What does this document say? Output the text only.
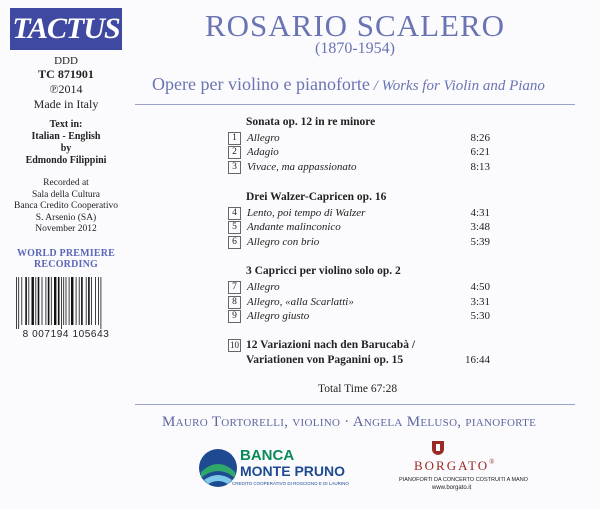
TACTUS
DDD
TC 871901
℗2014
Made in Italy
Text in:
Italian - English
by
Edmondo Filippini
Recorded at
Sala della Cultura
Banca Credito Cooperativo
S. Arsenio (SA)
November 2012
WORLD PREMIERE
RECORDING
8 007194 105643
ROSARIO SCALERO
(1870-1954)
Opere per violino e pianoforte / Works for Violin and Piano
Sonata op. 12 in re minore
1 Allegro	8:26
2 Adagio	6:21
3 Vivace, ma appassionato	8:13
Drei Walzer-Capricen op. 16
4 Lento, poi tempo di Walzer	4:31
5 Andante malinconico	3:48
6 Allegro con brio	5:39
3 Capricci per violino solo op. 2
7 Allegro	4:50
8 Allegro, «alla Scarlatti»	3:31
9 Allegro giusto	5:30
10 12 Variazioni nach den Barucabà /
Variationen von Paganini op. 15	16:44
Total Time 67:28
Mauro Tortorelli, violino · Angela Meluso, pianoforte
BANCA
MONTE PRUNO
CREDITO COOPERATIVO DI ROSCIGNO E DI LAURINO
BORGATO®
PIANOFORTI DA CONCERTO COSTRUITI A MANO
www.borgato.it
